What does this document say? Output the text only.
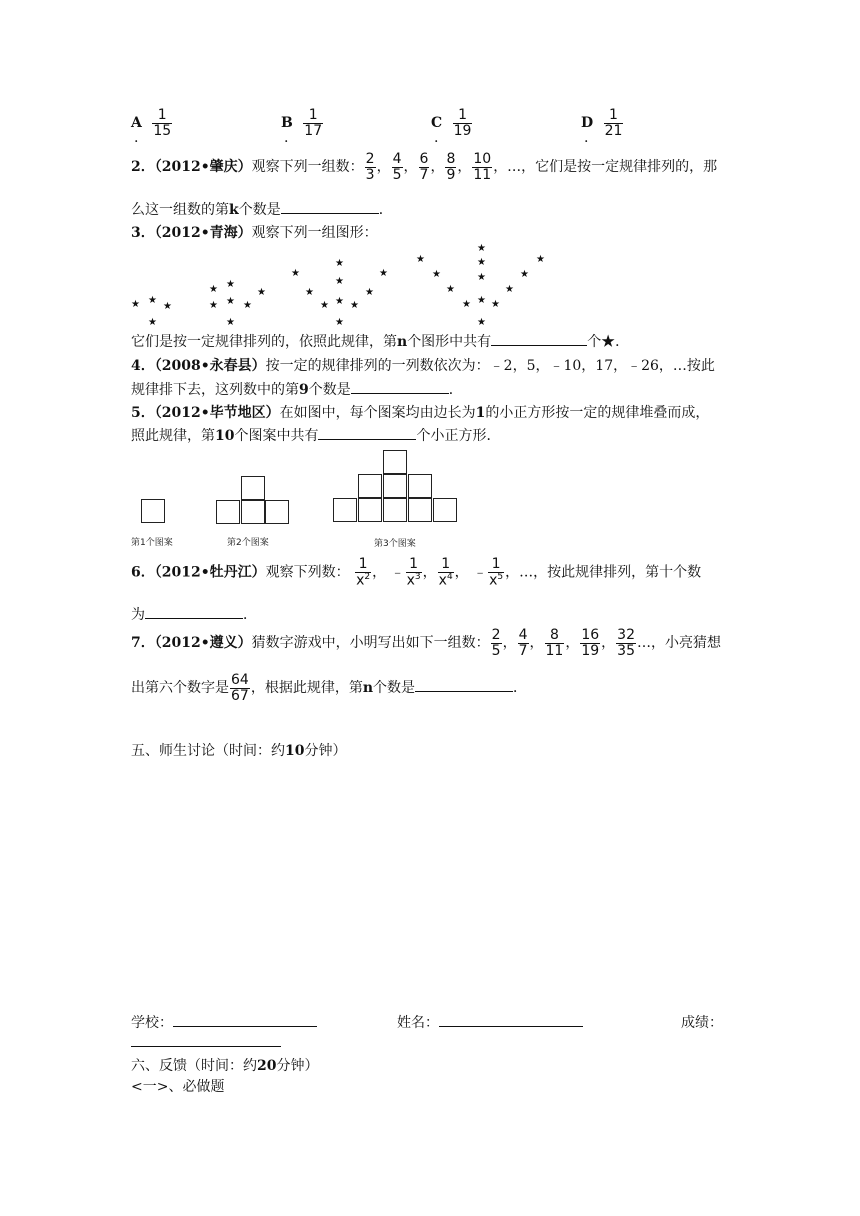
A $\frac{1}{15}$
.
B $\frac{1}{17}$
.
C $\frac{1}{19}$
.
D $\frac{1}{21}$
.
2．（2012•肇庆）观察下列一组数： $\frac{2}{3}$ ， $\frac{4}{5}$ ， $\frac{6}{7}$ ， $\frac{8}{9}$ ， $\frac{10}{11}$ ，…，它们是按一定规律排列的，那
么这一组数的第k个数是	．
3．（2012•青海）观察下列一组图形：
★ ★
★
★
★ ★ ★
★
★
★
★
★
★
★
★
★
★
★ ★ ★
★
★
★
★
★
★
★
★
★
★
★ ★ ★
★
它们是按一定规律排列的，依照此规律，第n个图形中共有	个★．
4．（2008•永春县）按一定的规律排列的一列数依次为：﹣2，5，﹣10，17，﹣26，…按此
规律排下去，这列数中的第9个数是	．
5．（2012•毕节地区）在如图中，每个图案均由边长为1的小正方形按一定的规律堆叠而成，
照此规律，第10个图案中共有	个小正方形．
第1个图案	第2个图案	第3个图案
6．（2012•牡丹江）观察下列数： $\frac{1}{x^2}$ ， ﹣ $\frac{1}{x^3}$ ， $\frac{1}{x^4}$ ， ﹣ $\frac{1}{x^5}$ ，…，按此规律排列，第十个数
为	．
7．（2012•遵义）猜数字游戏中，小明写出如下一组数： $\frac{2}{5}$ ， $\frac{4}{7}$ ， $\frac{8}{11}$ ， $\frac{16}{19}$ ， $\frac{32}{35}$ …，小亮猜想
出第六个数字是 $\frac{64}{67}$ ，根据此规律，第n个数是	．
五、师生讨论（时间：约10分钟）
学校：	姓名：	成绩：
六、反馈（时间：约20分钟）
<一>、必做题
